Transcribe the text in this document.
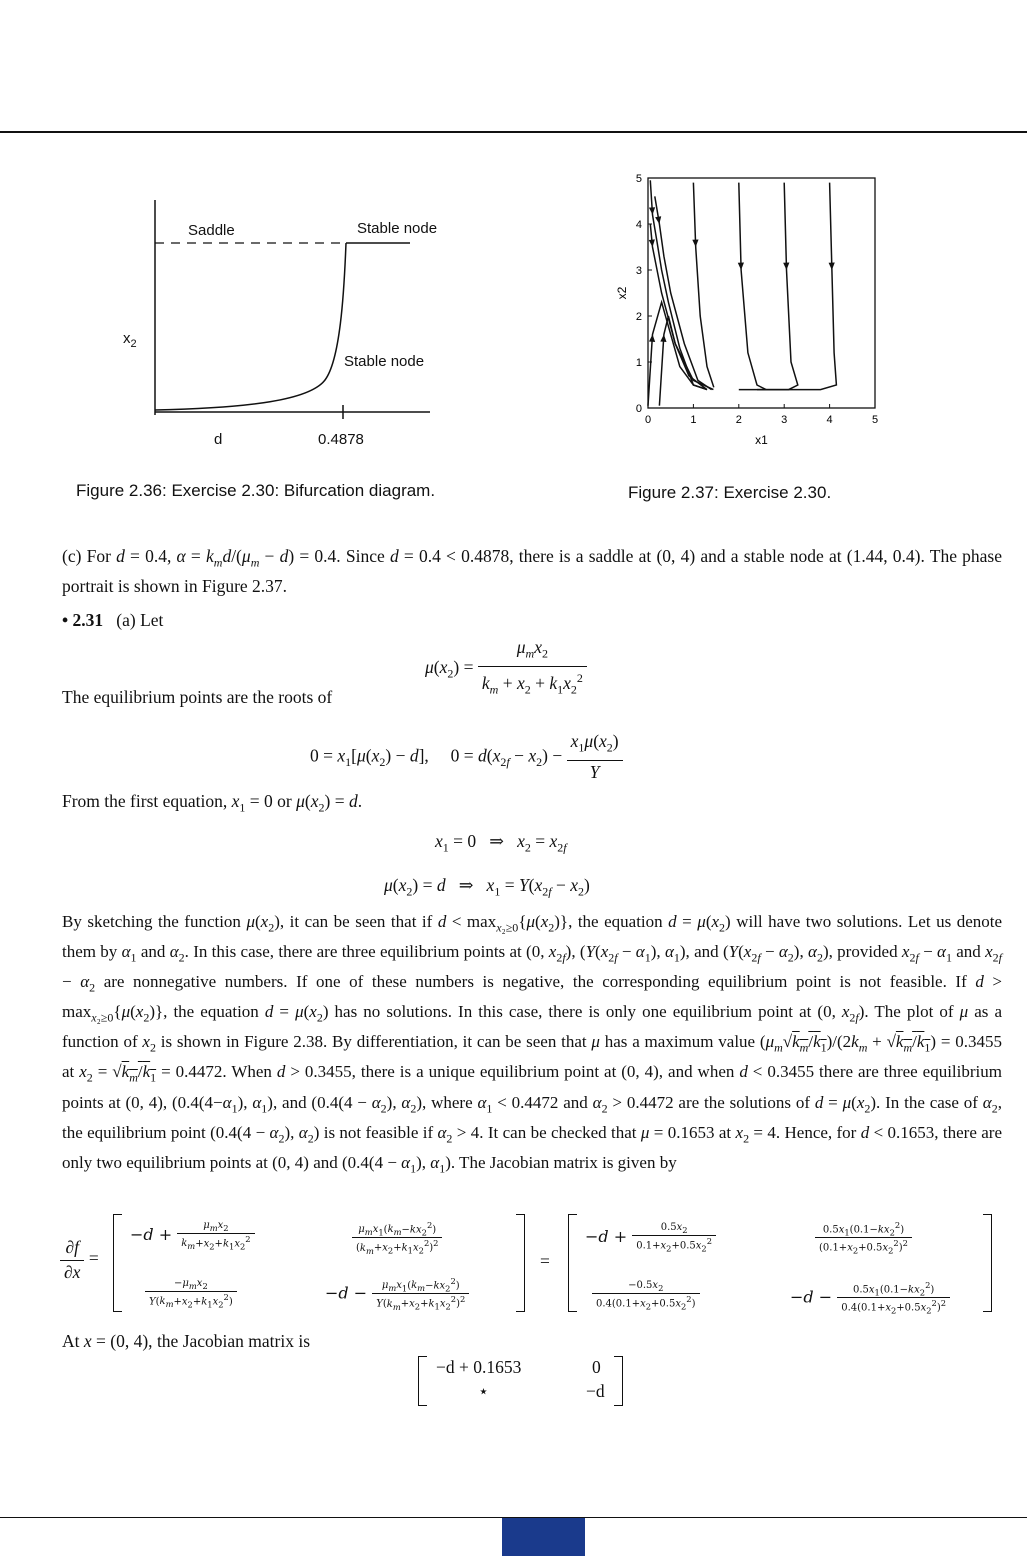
Saddle	Stable node
Stable node
$x_2$
d	0.4878
Figure 2.36: Exercise 2.30: Bifurcation diagram.
0	1	2	3	4	5
0
1
2
3
4
5
x1
x2
Figure 2.37: Exercise 2.30.
(c) For d = 0.4, $\alpha = k_md/(\mu_m - d) = 0.4$. Since d = 0.4 < 0.4878, there is a saddle at (0, 4) and a stable node at (1.44, 0.4). The phase portrait is shown in Figure 2.37.
• 2.31 (a) Let
$\mu(x_2) = \frac{\mu_mx_2}{k_m + x_2 + k_1x_2^2}$
The equilibrium points are the roots of
$0 = x_1[\mu(x_2) - d]$,     $0 = d(x_{2f} - x_2) - \frac{x_1\mu(x_2)}{Y}$
From the first equation, $x_1 = 0$ or $\mu(x_2) = d$.
$x_1 = 0$   ⇒   $x_2 = x_{2f}$
$\mu(x_2) = d$   ⇒   $x_1 = Y(x_{2f} - x_2)$
By sketching the function $\mu(x_2)$, it can be seen that if $d < \max_{x_2\ge 0}\{\mu(x_2)\}$, the equation $d = \mu(x_2)$ will have two solutions. Let us denote them by $\alpha_1$ and $\alpha_2$. In this case, there are three equilibrium points at (0, $x_{2f}$), ($Y(x_{2f} - \alpha_1)$, $\alpha_1$), and ($Y(x_{2f} - \alpha_2)$, $\alpha_2$), provided $x_{2f} - \alpha_1$ and $x_{2f} - \alpha_2$ are nonnegative numbers. If one of these numbers is negative, the corresponding equilibrium point is not feasible. If $d > \max_{x_2\ge 0}\{\mu(x_2)\}$, the equation $d = \mu(x_2)$ has no solutions. In this case, there is only one equilibrium point at (0, $x_{2f}$). The plot of μ as a function of $x_2$ is shown in Figure 2.38. By differentiation, it can be seen that μ has a maximum value $(\mu_m√k_m/k_1)/(2k_m + √k_m/k_1) = 0.3455$ at $x_2 = √k_m/k_1 = 0.4472$. When d > 0.3455, there is a unique equilibrium point at (0, 4), and when d < 0.3455 there are three equilibrium points at (0, 4), ($0.4(4-\alpha_1)$, $\alpha_1$), and ($0.4(4 - \alpha_2)$, $\alpha_2$), where $\alpha_1 < 0.4472$ and $\alpha_2 > 0.4472$ are the solutions of $d = \mu(x_2)$. In the case of $\alpha_2$, the equilibrium point ($0.4(4 - \alpha_2)$, $\alpha_2$) is not feasible if $\alpha_2 > 4$. It can be checked that μ = 0.1653 at $x_2 = 4$. Hence, for d < 0.1653, there are only two equilibrium points at (0, 4) and ($0.4(4 - \alpha_1)$, $\alpha_1$). The Jacobian matrix is given by
$\frac{\partial f}{\partial x}$ =
$-d + \frac{\mu_mx_2}{k_m+x_2+k_1x_2^2}$	$\frac{\mu_mx_1(k_m-kx_2^2)}{(k_m+x_2+k_1x_2^2)^2}$
$\frac{-\mu_mx_2}{Y(k_m+x_2+k_1x_2^2)}$	$-d - \frac{\mu_mx_1(k_m-kx_2^2)}{Y(k_m+x_2+k_1x_2^2)^2}$
=
$-d + \frac{0.5x_2}{0.1+x_2+0.5x_2^2}$	$\frac{0.5x_1(0.1-kx_2^2)}{(0.1+x_2+0.5x_2^2)^2}$
$\frac{-0.5x_2}{0.4(0.1+x_2+0.5x_2^2)}$	$-d - \frac{0.5x_1(0.1-kx_2^2)}{0.4(0.1+x_2+0.5x_2^2)^2}$
At x = (0, 4), the Jacobian matrix is
−d + 0.1653	0
⋆	−d
